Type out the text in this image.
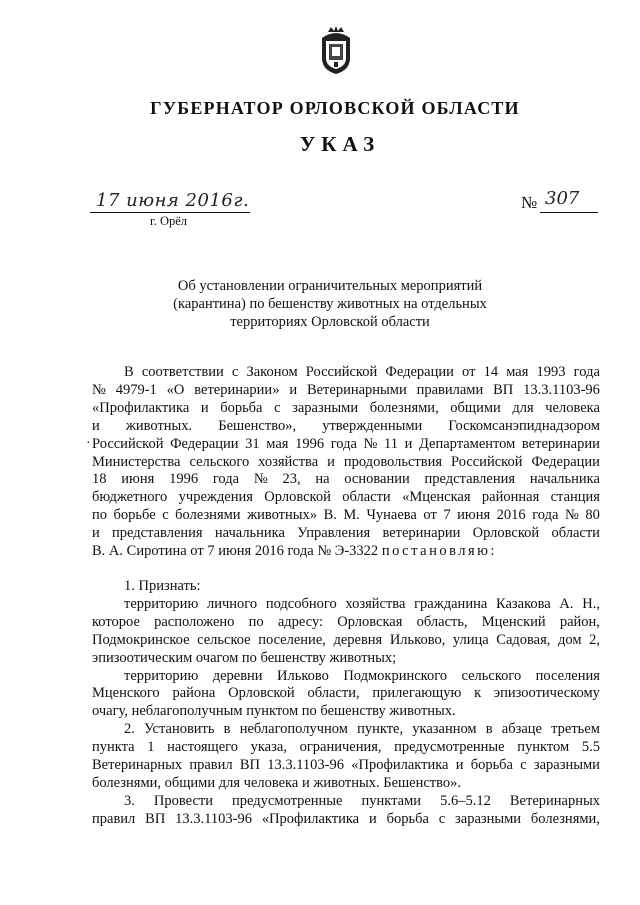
ГУБЕРНАТОР ОРЛОВСКОЙ ОБЛАСТИ
УКАЗ
17 июня 2016г.
г. Орёл
№ 307
Об установлении ограничительных мероприятий
(карантина) по бешенству животных на отдельных
территориях Орловской области
·
В соответствии с Законом Российской Федерации от 14 мая 1993 года
№ 4979-1 «О ветеринарии» и Ветеринарными правилами ВП 13.3.1103-96
«Профилактика и борьба с заразными болезнями, общими для человека
и животных. Бешенство», утвержденными Госкомсанэпиднадзором
Российской Федерации 31 мая 1996 года № 11 и Департаментом ветеринарии
Министерства сельского хозяйства и продовольствия Российской Федерации
18 июня 1996 года № 23, на основании представления начальника
бюджетного учреждения Орловской области «Мценская районная станция
по борьбе с болезнями животных» В. М. Чунаева от 7 июня 2016 года № 80
и представления начальника Управления ветеринарии Орловской области
В. А. Сиротина от 7 июня 2016 года № Э-3322 постановляю:
1. Признать:
территорию личного подсобного хозяйства гражданина Казакова А. Н.,
которое расположено по адресу: Орловская область, Мценский район,
Подмокринское сельское поселение, деревня Ильково, улица Садовая, дом 2,
эпизоотическим очагом по бешенству животных;
территорию деревни Ильково Подмокринского сельского поселения
Мценского района Орловской области, прилегающую к эпизоотическому
очагу, неблагополучным пунктом по бешенству животных.
2. Установить в неблагополучном пункте, указанном в абзаце третьем
пункта 1 настоящего указа, ограничения, предусмотренные пунктом 5.5
Ветеринарных правил ВП 13.3.1103-96 «Профилактика и борьба с заразными
болезнями, общими для человека и животных. Бешенство».
3. Провести предусмотренные пунктами 5.6–5.12 Ветеринарных
правил ВП 13.3.1103-96 «Профилактика и борьба с заразными болезнями,
